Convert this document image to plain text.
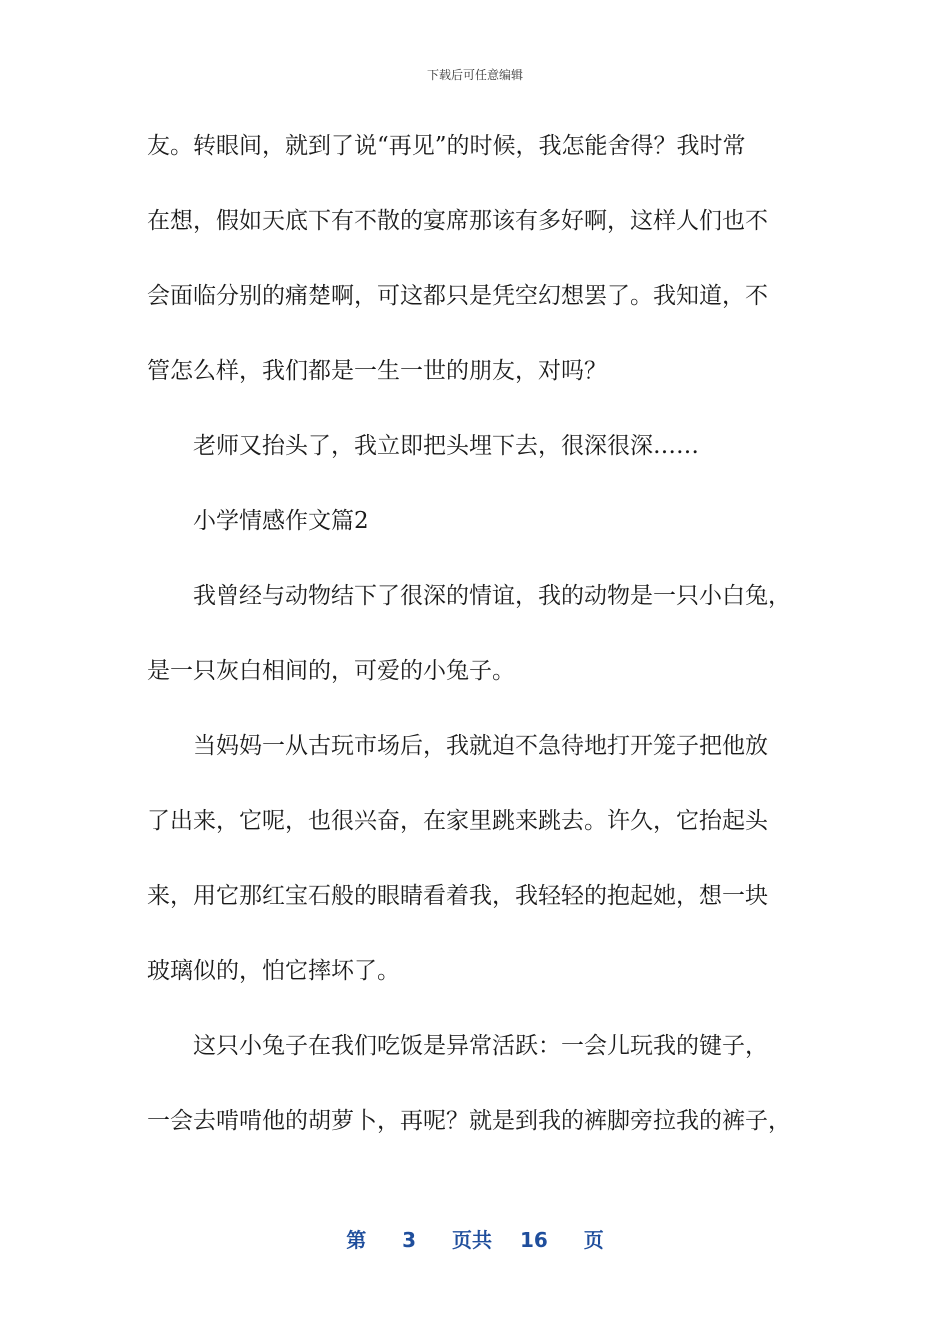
下载后可任意编辑
友。转眼间，就到了说“再见”的时候，我怎能舍得？我时常
在想，假如天底下有不散的宴席那该有多好啊，这样人们也不
会面临分别的痛楚啊，可这都只是凭空幻想罢了。我知道，不
管怎么样，我们都是一生一世的朋友，对吗？
老师又抬头了，我立即把头埋下去，很深很深……
小学情感作文篇2
我曾经与动物结下了很深的情谊，我的动物是一只小白兔，
是一只灰白相间的，可爱的小兔子。
当妈妈一从古玩市场后，我就迫不急待地打开笼子把他放
了出来，它呢，也很兴奋，在家里跳来跳去。许久，它抬起头
来，用它那红宝石般的眼睛看着我，我轻轻的抱起她，想一块
玻璃似的，怕它摔坏了。
这只小兔子在我们吃饭是异常活跃：一会儿玩我的键子，
一会去啃啃他的胡萝卜，再呢？就是到我的裤脚旁拉我的裤子，
第 3 页共 16 页
